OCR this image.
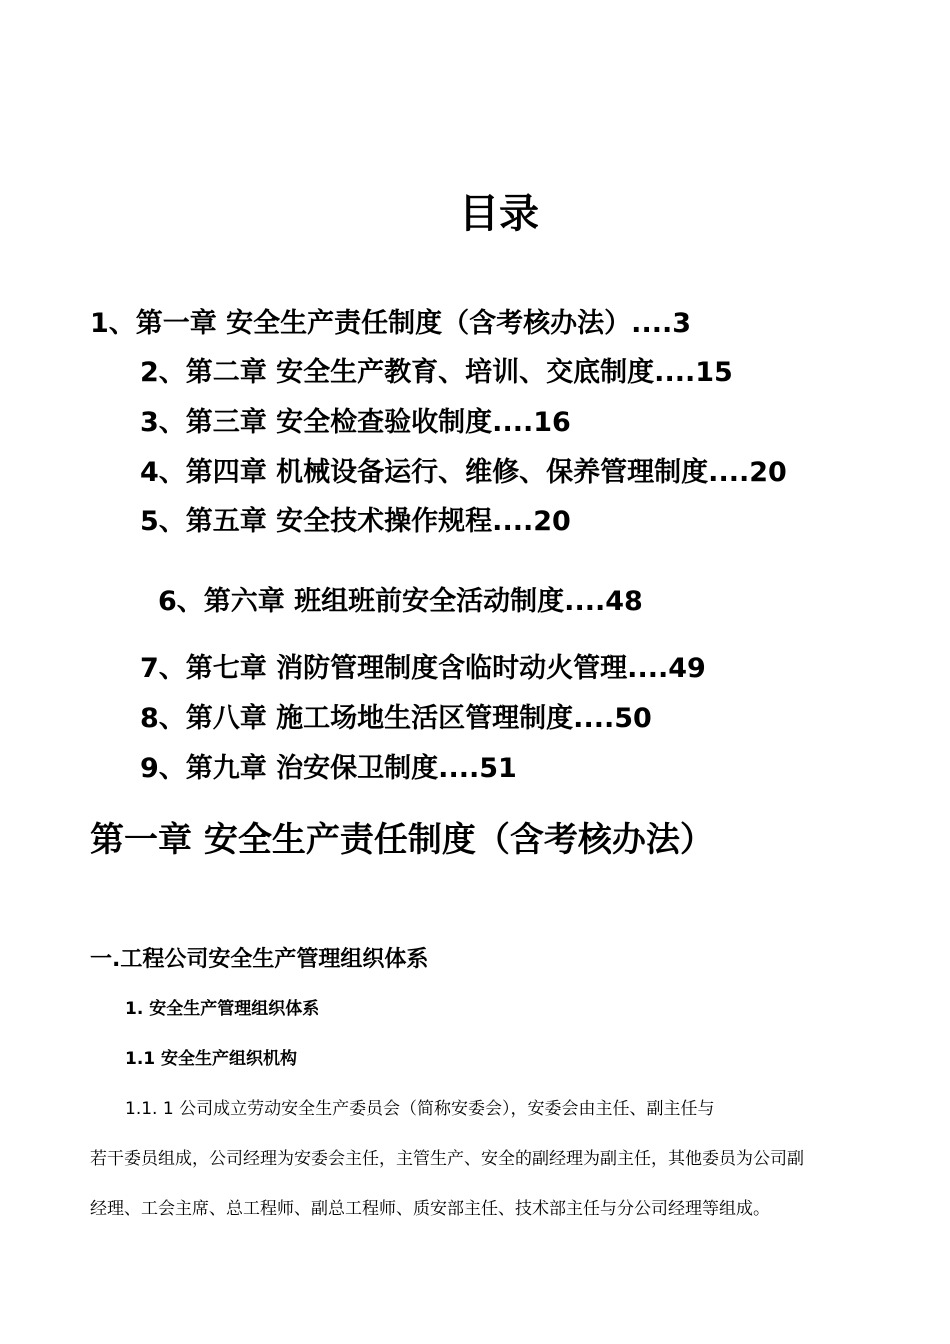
目录
1、第一章 安全生产责任制度（含考核办法）....3
2、第二章 安全生产教育、培训、交底制度....15
3、第三章 安全检查验收制度....16
4、第四章 机械设备运行、维修、保养管理制度....20
5、第五章 安全技术操作规程....20
6、第六章 班组班前安全活动制度....48
7、第七章 消防管理制度含临时动火管理....49
8、第八章 施工场地生活区管理制度....50
9、第九章 治安保卫制度....51
第一章 安全生产责任制度（含考核办法）
一.工程公司安全生产管理组织体系
1. 安全生产管理组织体系
1.1 安全生产组织机构
1.1. 1 公司成立劳动安全生产委员会（简称安委会），安委会由主任、副主任与
若干委员组成，公司经理为安委会主任，主管生产、安全的副经理为副主任，其他委员为公司副
经理、工会主席、总工程师、副总工程师、质安部主任、技术部主任与分公司经理等组成。
